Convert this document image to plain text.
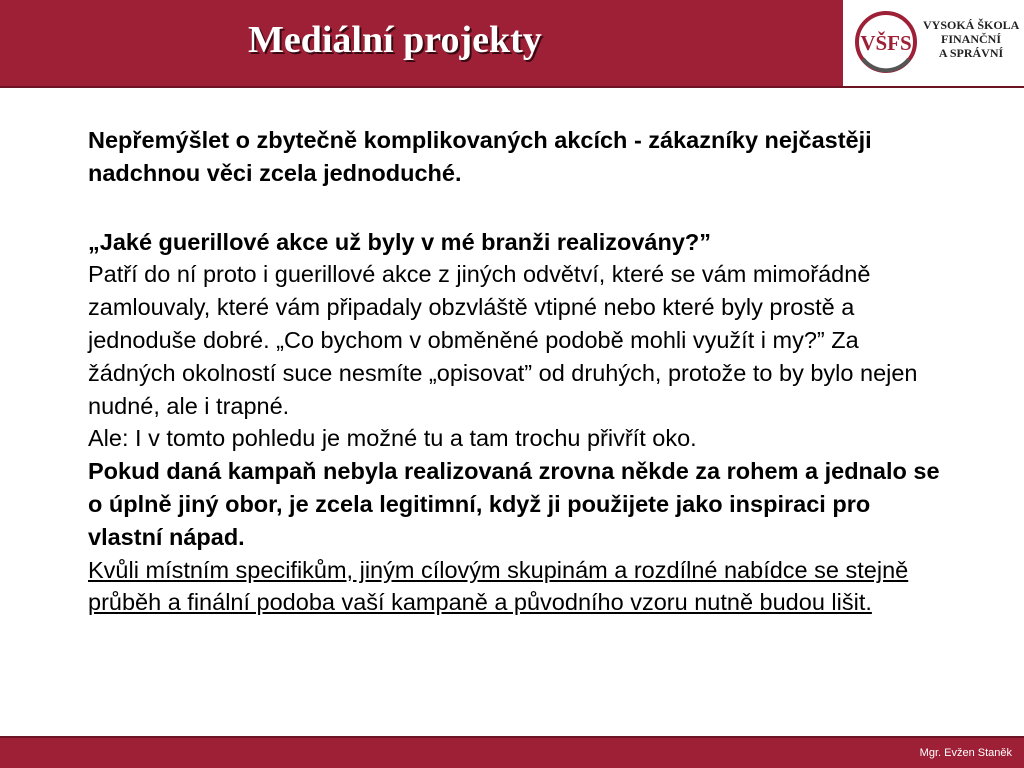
Mediální projekty	VŠFS
VYSOKÁ ŠKOLA
FINANČNÍ
A SPRÁVNÍ

Nepřemýšlet o zbytečně komplikovaných akcích - zákazníky nejčastěji nadchnou věci zcela jednoduché.

„Jaké guerillové akce už byly v mé branži realizovány?”

Patří do ní proto i guerillové akce z jiných odvětví, které se vám mimořádně zamlouvaly, které vám připadaly obzvláště vtipné nebo které byly prostě a jednoduše dobré. „Co bychom v obměněné podobě mohli využít i my?” Za žádných okolností suce nesmíte „opisovat” od druhých, protože to by bylo nejen nudné, ale i trapné.

Ale: I v tomto pohledu je možné tu a tam trochu přivřít oko.

Pokud daná kampaň nebyla realizovaná zrovna někde za rohem a jednalo se o úplně jiný obor, je zcela legitimní, když ji použijete jako inspiraci pro vlastní nápad.

Kvůli místním specifikům, jiným cílovým skupinám a rozdílné nabídce se stejně průběh a finální podoba vaší kampaně a původního vzoru nutně budou lišit.

Mgr. Evžen Staněk
